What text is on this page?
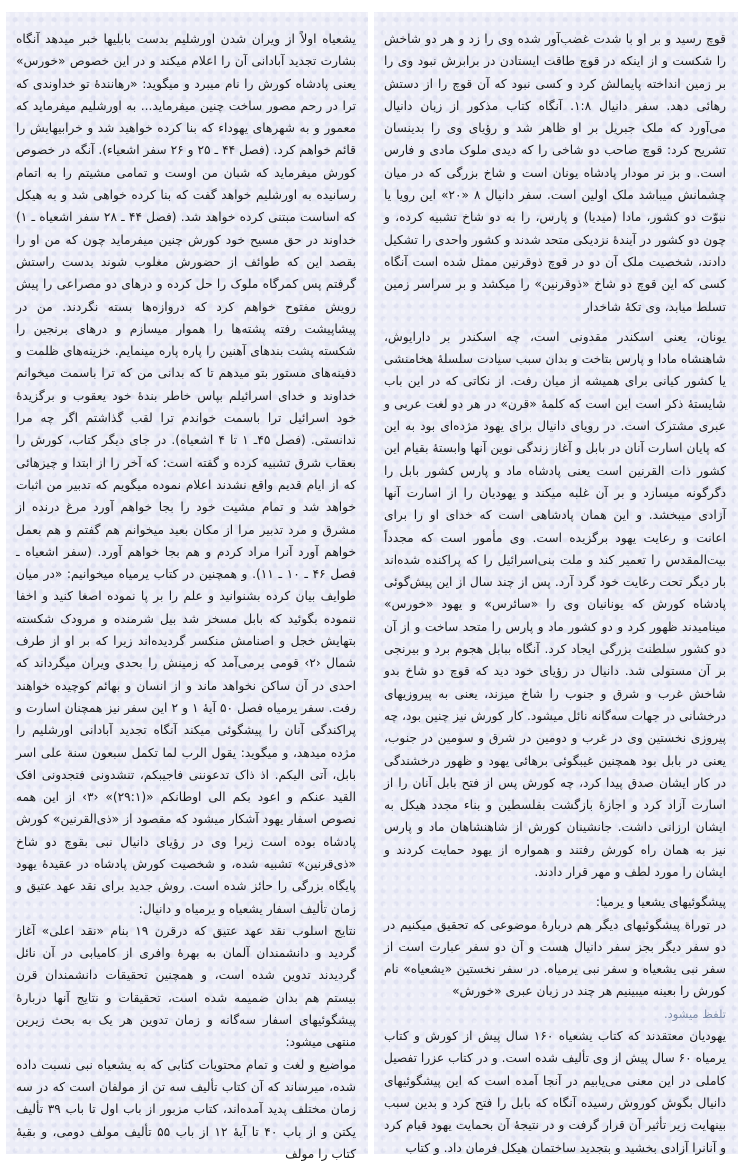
یشعیاه اولاً از ویران شدن اورشلیم بدست بابلیها خبر میدهد آنگاه بشارت تجدید آبادانی آن را اعلام میکند و در این خصوص «خورس» یعنی پادشاه کورش را نام میبرد و میگوید: «رهانندهٔ تو خداوندی که ترا در رحم مصور ساخت چنین میفرماید... به اورشلیم میفرماید که معمور و به شهرهای یهوداء که بنا کرده خواهید شد و خرابیهایش را قائم خواهم کرد. (فصل ۴۴ ـ ۲۵ و ۲۶ سفر اشعیاء). آنگه در خصوص کورش میفرماید که شبان من اوست و تمامی مشیتم را به اتمام رسانیده به اورشلیم خواهد گفت که بنا کرده خواهی شد و به هیکل که اساست مبتنی کرده خواهد شد. (فصل ۴۴ ـ ۲۸ سفر اشعیاه ـ ۱) خداوند در حق مسیح خود کورش چنین میفرماید چون که من او را بقصد این که طوائف از حضورش مغلوب شوند بدست راستش گرفتم پس کمرگاه ملوک را حل کرده و درهای دو مصراعی را پیش رویش مفتوح خواهم کرد که دروازه‌ها بسته نگردند. من در پیشاپیشت رفته پشته‌ها را هموار میسازم و درهای برنجین را شکسته پشت بندهای آهنین را پاره پاره مینمایم. خزینه‌های ظلمت و دفینه‌های مستور بتو میدهم تا که بدانی من که ترا باسمت میخوانم خداوند و خدای اسرائیلم بپاس خاطر بندهٔ خود یعقوب و برگزیدهٔ خود اسرائیل ترا باسمت خواندم ترا لقب گذاشتم اگر چه مرا ندانستی. (فصل ۴۵ـ ۱ تا ۴ اشعیاه). در جای دیگر کتاب، کورش را بعقاب شرق تشبیه کرده و گفته است: که آخر را از ابتدا و چیزهائی که از ایام قدیم واقع نشدند اعلام نموده میگویم که تدبیر من اثبات خواهد شد و تمام مشیت خود را بجا خواهم آورد مرغ درنده از مشرق و مرد تدبیر مرا از مکان بعید میخوانم هم گفتم و هم بعمل خواهم آورد آنرا مراد کردم و هم بجا خواهم آورد. (سفر اشعیاه ـ فصل ۴۶ ـ ۱۰ ـ ۱۱). و همچنین در کتاب یرمیاه میخوانیم: «در میان طوایف بیان کرده بشنوانید و علم را بر پا نموده اصغا کنید و اخفا ننموده بگوئید که بابل مسخر شد بیل شرمنده و مرودک شکسته بتهایش خجل و اصنامش منکسر گردیده‌اند زیرا که بر او از طرف شمال ‹۲› قومی برمی‌آمد که زمینش را بحدی ویران میگرداند که احدی در آن ساکن نخواهد ماند و از انسان و بهائم کوچیده خواهند رفت. سفر یرمیاه فصل ۵۰ آیهٔ ۱ و ۲ این سفر نیز همچنان اسارت و پراکندگی آنان را پیشگوئی میکند آنگاه تجدید آبادانی اورشلیم را مژده میدهد، و میگوید: یقول الرب لما تکمل سبعون سنة علی اسر بابل، آتی الیکم. اذ ذاک تدعوننی فاجیبکم، تنشدونی فتجدونی افک القید عنکم و اعود بکم الی اوطانکم «(۲۹:۱)» ‹۳› از این همه نصوص اسفار یهود آشکار میشود که مقصود از «ذی‌القرنین» کورش پادشاه بوده است زیرا وی در رؤیای دانیال نبی بقوچ دو شاخ «ذی‌قرنین» تشبیه شده، و شخصیت کورش پادشاه در عقیدهٔ یهود پایگاه بزرگی را حائز شده است. روش جدید برای نقد عهد عتیق و زمان تألیف اسفار یشعیاه و یرمیاه و دانیال:

نتایج اسلوب نقد عهد عتیق که درقرن ۱۹ بنام «نقد اعلی» آغاز گردید و دانشمندان آلمان به بهرهٔ وافری از کامیابی در آن نائل گردیدند تدوین شده است، و همچنین تحقیقات دانشمندان قرن بیستم هم بدان ضمیمه شده است، تحقیقات و نتایج آنها دربارهٔ پیشگوئیهای اسفار سه‌گانه و زمان تدوین هر یک به بحث زیرین منتهی میشود:

مواضیع و لغت و تمام محتویات کتابی که به یشعیاه نبی نسبت داده شده، میرساند که آن کتاب تألیف سه تن از مولفان است که در سه زمان مختلف پدید آمده‌اند، کتاب مزبور از باب اول تا باب ۳۹ تألیف یکتن و از باب ۴۰ تا آیهٔ ۱۲ از باب ۵۵ تألیف مولف دومی، و بقیهٔ کتاب را مولف

قوچ رسید و بر او با شدت غضب‌آور شده وی را زد و هر دو شاخش را شکست و از اینکه در قوچ طاقت ایستادن در برابرش نبود وی را بر زمین انداخته پایمالش کرد و کسی نبود که آن قوچ را از دستش رهائی دهد. سفر دانیال ۱:۸. آنگاه کتاب مذکور از زبان دانیال می‌آورد که ملک جبریل بر او ظاهر شد و رؤیای وی را بدینسان تشریح کرد: قوچ صاحب دو شاخی را که دیدی ملوک مادی و فارس است. و بز نر مودار پادشاه یونان است و شاخ بزرگی که در میان چشمانش میباشد ملک اولین است. سفر دانیال ۸ «۲۰» این رویا یا نبوّت دو کشور، مادا (میدیا) و پارس، را به دو شاخ تشبیه کرده، و چون دو کشور در آیندهٔ نزدیکی متحد شدند و کشور واحدی را تشکیل دادند، شخصیت ملک آن دو در قوچ ذوقرنین ممثل شده است آنگاه کسی که این قوچ دو شاخ «ذوقرنین» را میکشد و بر سراسر زمین تسلط میابد، وی تکهٔ شاخدار

یونان، یعنی اسکندر مقدونی است، چه اسکندر بر دارایوش، شاهنشاه مادا و پارس بتاخت و بدان سبب سیادت سلسلهٔ هخامنشی یا کشور کیانی برای همیشه از میان رفت. از نکاتی که در این باب شایستهٔ ذکر است این است که کلمهٔ «قرن» در هر دو لغت عربی و عبری مشترک است. در رویای دانیال برای یهود مژده‌ای بود به این که پایان اسارت آنان در بابل و آغاز زندگی نوین آنها وابستهٔ بقیام این کشور ذات القرنین است یعنی پادشاه ماد و پارس کشور بابل را دگرگونه میسازد و بر آن غلبه میکند و یهودیان را از اسارت آنها آزادی میبخشد. و این همان پادشاهی است که خدای او را برای اعانت و رعایت یهود برگزیده است. وی مأمور است که مجدداً بیت‌المقدس را تعمیر کند و ملت بنی‌اسرائیل را که پراکنده شده‌اند بار دیگر تحت رعایت خود گرد آرد. پس از چند سال از این پیش‌گوئی پادشاه کورش که یونانیان وی را «سائرس» و یهود «خورس» مینامیدند ظهور کرد و دو کشور ماد و پارس را متحد ساخت و از آن دو کشور سلطنت بزرگی ایجاد کرد. آنگاه ببابل هجوم برد و بیرنجی بر آن مستولی شد. دانیال در رؤیای خود دید که قوچ دو شاخ بدو شاخش غرب و شرق و جنوب را شاخ میزند، یعنی به پیروزیهای درخشانی در جهات سه‌گانه نائل میشود. کار کورش نیز چنین بود، چه پیروزی نخستین وی در غرب و دومین در شرق و سومین در جنوب، یعنی در بابل بود همچنین غیبگوئی برهائی یهود و ظهور درخشندگی در کار ایشان صدق پیدا کرد، چه کورش پس از فتح بابل آنان را از اسارت آزاد کرد و اجازهٔ بازگشت بفلسطین و بناء مجدد هیکل به ایشان ارزانی داشت. جانشینان کورش از شاهنشاهان ماد و پارس نیز به همان راه کورش رفتند و همواره از یهود حمایت کردند و ایشان را مورد لطف و مهر قرار دادند.

پیشگوئیهای یشعیا و یرمیا:

در توراة پیشگوئیهای دیگر هم دربارهٔ موضوعی که تحقیق میکنیم در دو سفر دیگر بجز سفر دانیال هست و آن دو سفر عبارت است از سفر نبی یشعیاه و سفر نبی یرمیاه. در سفر نخستین «یشعیاه» نام کورش را بعینه میبینیم هر چند در زبان عبری «خورش»

تلفظ میشود.

یهودیان معتقدند که کتاب یشعیاه ۱۶۰ سال پیش از کورش و کتاب یرمیاه ۶۰ سال پیش از وی تألیف شده است. و در کتاب عزرا تفصیل کاملی در این معنی می‌یابیم در آنجا آمده است که این پیشگوئیهای دانیال بگوش کوروش رسیده آنگاه که بابل را فتح کرد و بدین سبب بینهایت زیر تأثیر آن قرار گرفت و در نتیجهٔ آن بحمایت یهود قیام کرد و آنانرا آزادی بخشید و بتجدید ساختمان هیکل فرمان داد. و کتاب
